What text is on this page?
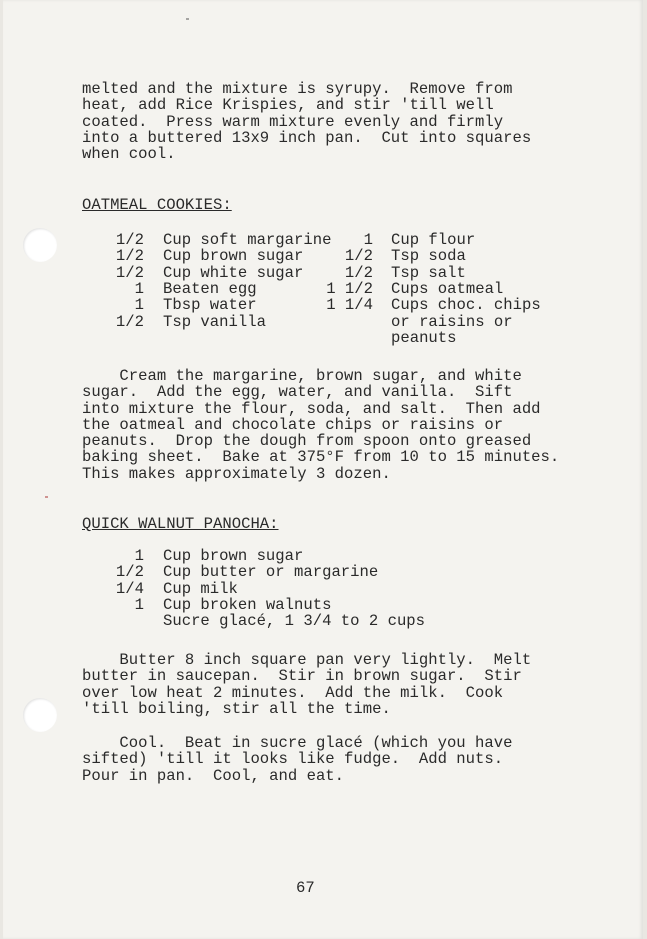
melted and the mixture is syrupy.  Remove from
heat, add Rice Krispies, and stir 'till well
coated.  Press warm mixture evenly and firmly
into a buttered 13x9 inch pan.  Cut into squares
when cool.
OATMEAL COOKIES:
1/2 Cup soft margarine
1/2 Cup brown sugar
1/2 Cup white sugar
1 Beaten egg
1 Tbsp water
1/2 Tsp vanilla
1 Cup flour
1/2 Tsp soda
1/2 Tsp salt
1 1/2 Cups oatmeal
1 1/4 Cups choc. chips
or raisins or
peanuts
Cream the margarine, brown sugar, and white
sugar.  Add the egg, water, and vanilla.  Sift
into mixture the flour, soda, and salt.  Then add
the oatmeal and chocolate chips or raisins or
peanuts.  Drop the dough from spoon onto greased
baking sheet.  Bake at 375°F from 10 to 15 minutes.
This makes approximately 3 dozen.
QUICK WALNUT PANOCHA:
1 Cup brown sugar
1/2 Cup butter or margarine
1/4 Cup milk
1 Cup broken walnuts
Sucre glacé, 1 3/4 to 2 cups
Butter 8 inch square pan very lightly.  Melt
butter in saucepan.  Stir in brown sugar.  Stir
over low heat 2 minutes.  Add the milk.  Cook
'till boiling, stir all the time.
Cool.  Beat in sucre glacé (which you have
sifted) 'till it looks like fudge.  Add nuts.
Pour in pan.  Cool, and eat.
67
